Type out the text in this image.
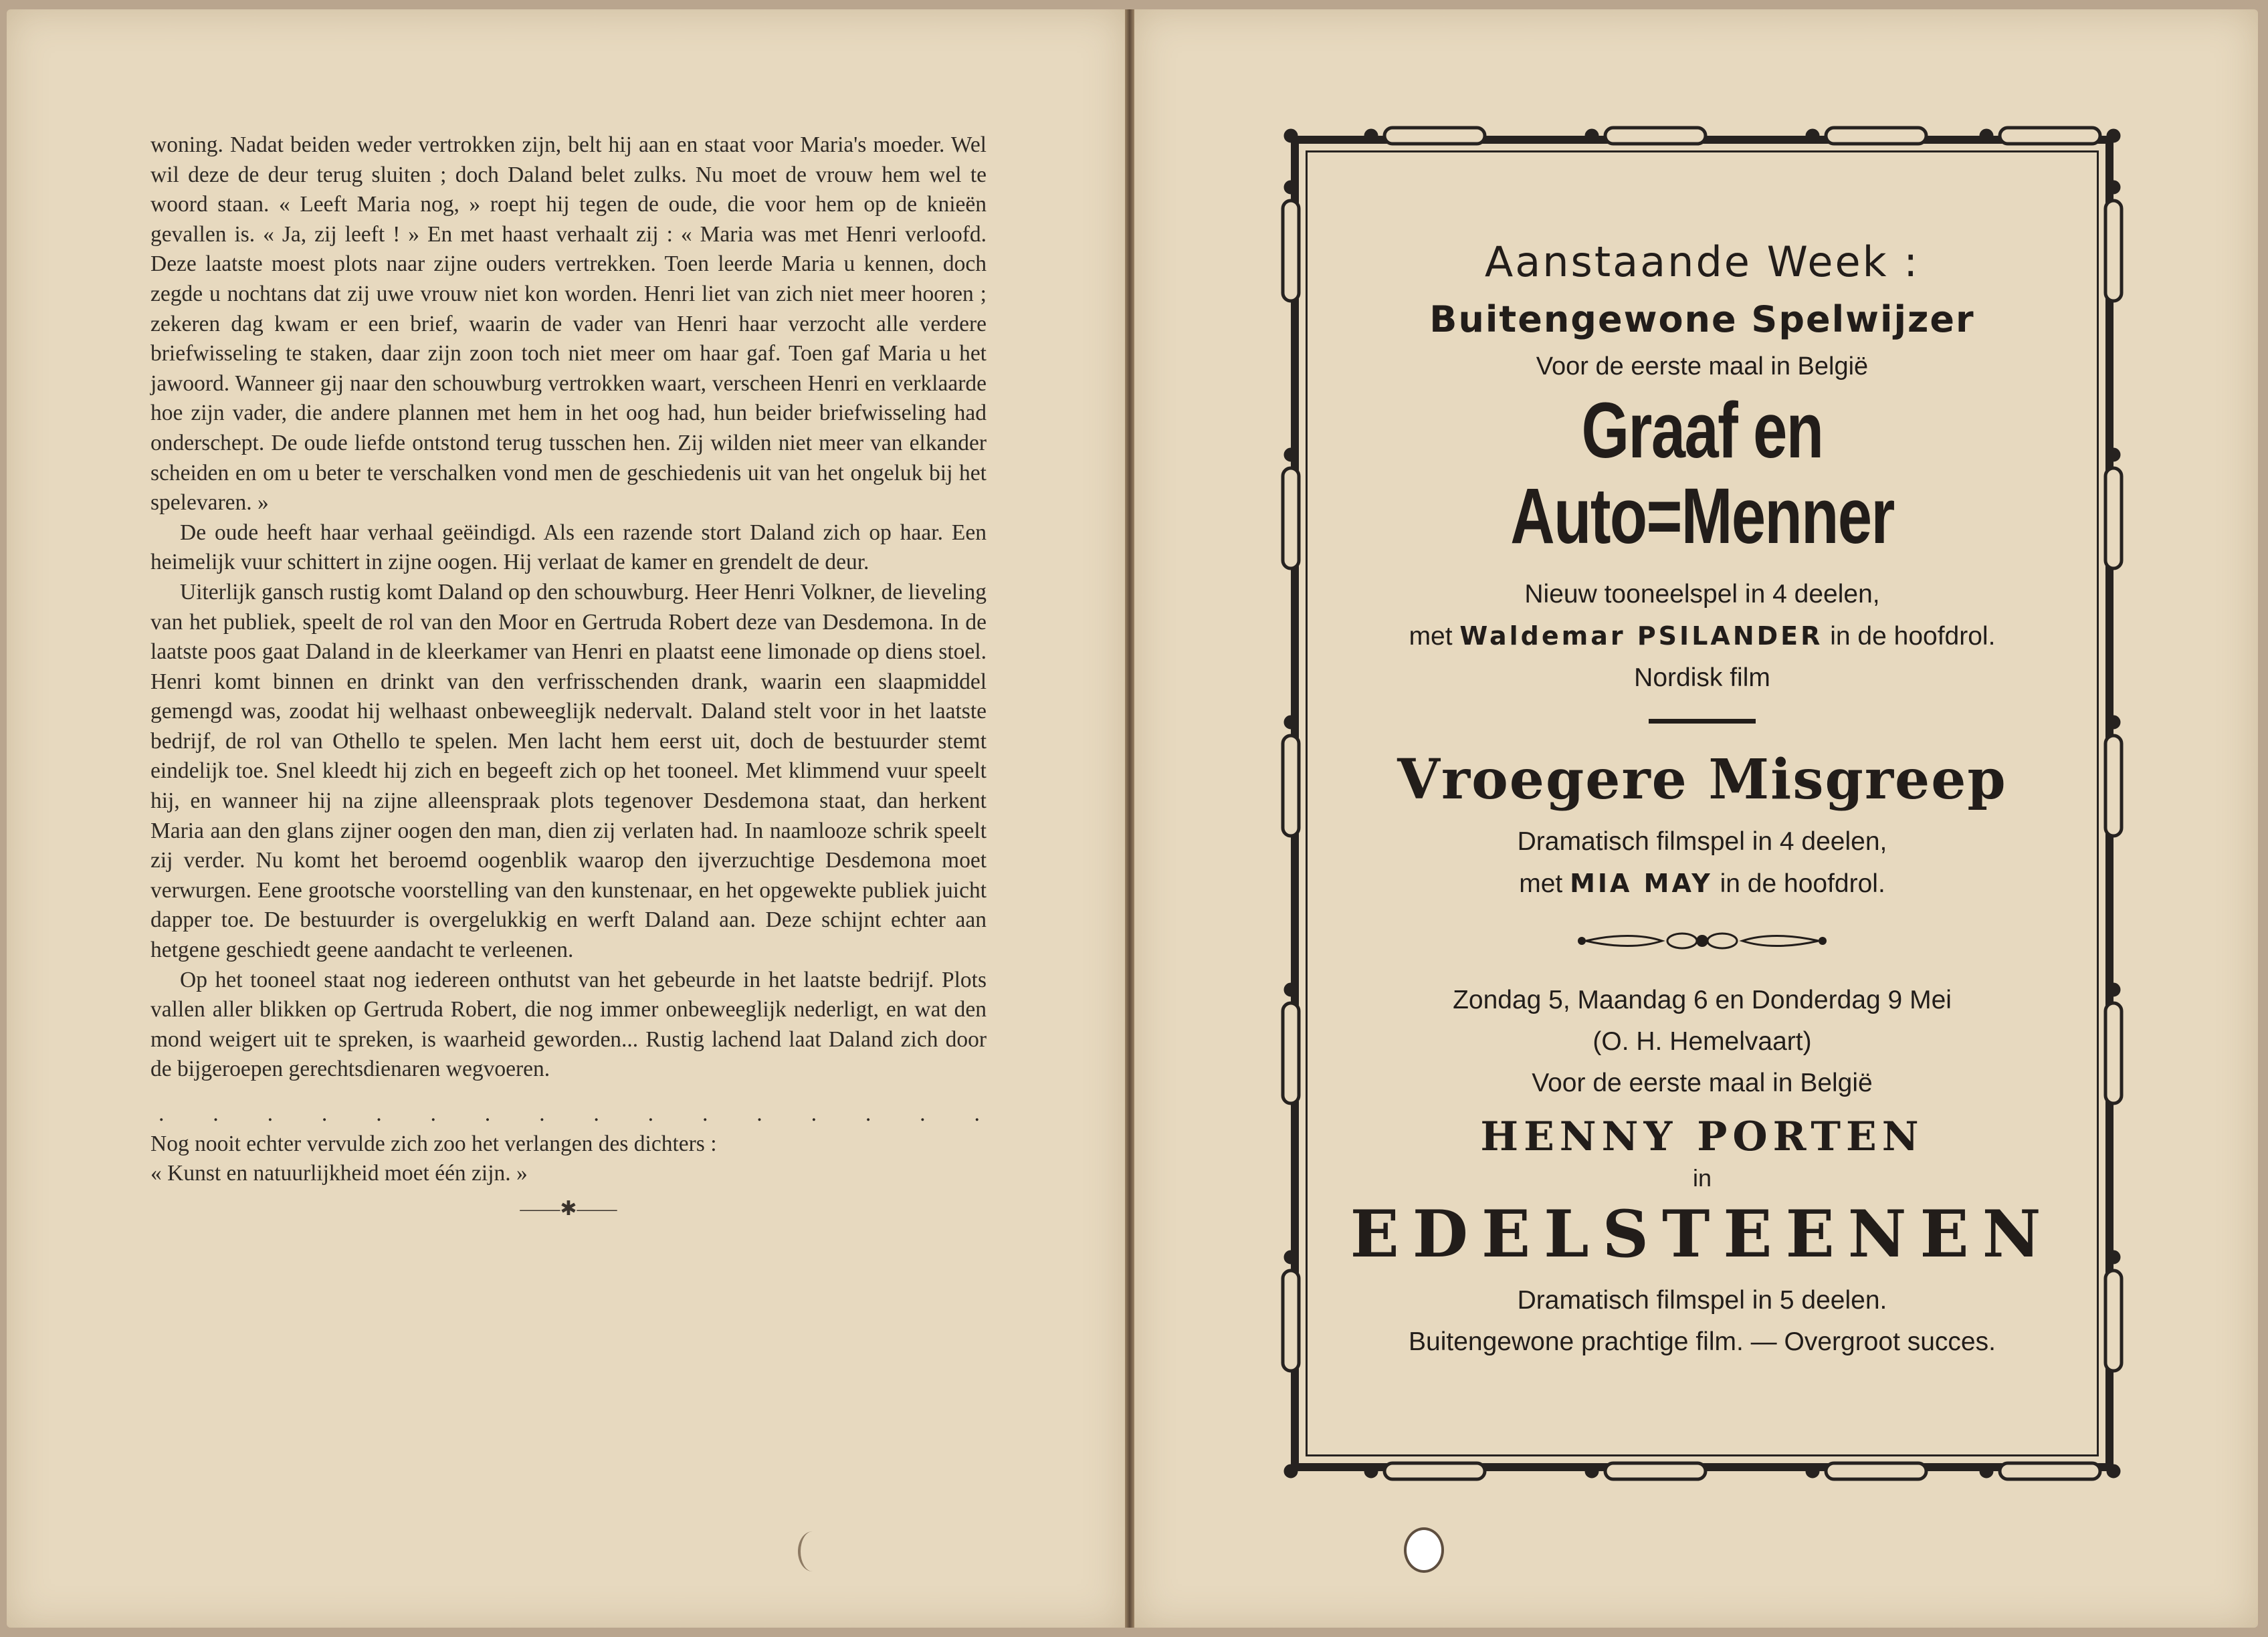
woning. Nadat beiden weder vertrokken zijn, belt hij aan en staat voor Maria's moeder. Wel wil deze de deur terug sluiten ; doch Daland belet zulks. Nu moet de vrouw hem wel te woord staan. « Leeft Maria nog, » roept hij tegen de oude, die voor hem op de knieën gevallen is. « Ja, zij leeft ! » En met haast verhaalt zij : « Maria was met Henri verloofd. Deze laatste moest plots naar zijne ouders vertrekken. Toen leerde Maria u kennen, doch zegde u nochtans dat zij uwe vrouw niet kon worden. Henri liet van zich niet meer hooren ; zekeren dag kwam er een brief, waarin de vader van Henri haar verzocht alle verdere briefwisseling te staken, daar zijn zoon toch niet meer om haar gaf. Toen gaf Maria u het jawoord. Wanneer gij naar den schouwburg vertrokken waart, verscheen Henri en verklaarde hoe zijn vader, die andere plannen met hem in het oog had, hun beider briefwisseling had onderschept. De oude liefde ontstond terug tusschen hen. Zij wilden niet meer van elkander scheiden en om u beter te verschalken vond men de geschiedenis uit van het ongeluk bij het spelevaren. »

De oude heeft haar verhaal geëindigd. Als een razende stort Daland zich op haar. Een heimelijk vuur schittert in zijne oogen. Hij verlaat de kamer en grendelt de deur.

Uiterlijk gansch rustig komt Daland op den schouwburg. Heer Henri Volkner, de lieveling van het publiek, speelt de rol van den Moor en Gertruda Robert deze van Desdemona. In de laatste poos gaat Daland in de kleerkamer van Henri en plaatst eene limonade op diens stoel. Henri komt binnen en drinkt van den verfrisschenden drank, waarin een slaapmiddel gemengd was, zoodat hij welhaast onbeweeglijk nedervalt. Daland stelt voor in het laatste bedrijf, de rol van Othello te spelen. Men lacht hem eerst uit, doch de bestuurder stemt eindelijk toe. Snel kleedt hij zich en begeeft zich op het tooneel. Met klimmend vuur speelt hij, en wanneer hij na zijne alleenspraak plots tegenover Desdemona staat, dan herkent Maria aan den glans zijner oogen den man, dien zij verlaten had. In naamlooze schrik speelt zij verder. Nu komt het beroemd oogenblik waarop den ijverzuchtige Desdemona moet verwurgen. Eene grootsche voorstelling van den kunstenaar, en het opgewekte publiek juicht dapper toe. De bestuurder is overgelukkig en werft Daland aan. Deze schijnt echter aan hetgene geschiedt geene aandacht te verleenen.

Op het tooneel staat nog iedereen onthutst van het gebeurde in het laatste bedrijf. Plots vallen aller blikken op Gertruda Robert, die nog immer onbeweeglijk nederligt, en wat den mond weigert uit te spreken, is waarheid geworden... Rustig lachend laat Daland zich door de bijgeroepen gerechtsdienaren wegvoeren.

. . . . . . . . . . . . . . . .

Nog nooit echter vervulde zich zoo het verlangen des dichters :

« Kunst en natuurlijkheid moet één zijn. »

——✱——
Aanstaande Week :
Buitengewone Spelwijzer
Voor de eerste maal in België
Graaf en Auto=Menner
Nieuw tooneelspel in 4 deelen,
met Waldemar PSILANDER in de hoofdrol.
Nordisk film
Vroegere Misgreep
Dramatisch filmspel in 4 deelen,
met MIA MAY in de hoofdrol.
Zondag 5, Maandag 6 en Donderdag 9 Mei
(O. H. Hemelvaart)
Voor de eerste maal in België
HENNY PORTEN
in
EDELSTEENEN
Dramatisch filmspel in 5 deelen.
Buitengewone prachtige film. — Overgroot succes.
